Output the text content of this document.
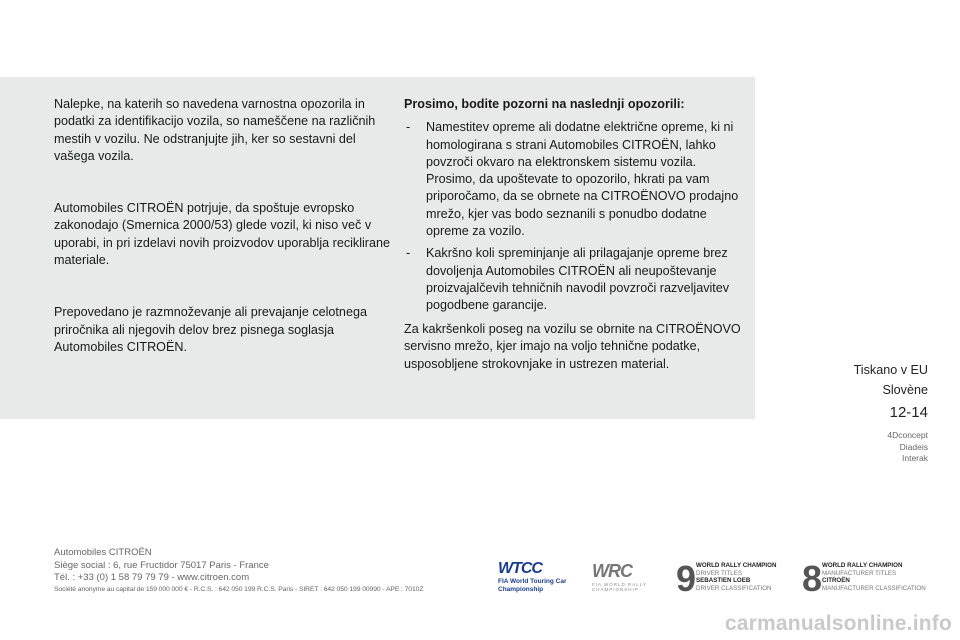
Nalepke, na katerih so navedena varnostna opozorila in podatki za identifikacijo vozila, so nameščene na različnih mestih v vozilu. Ne odstranjujte jih, ker so sestavni del vašega vozila.

Automobiles CITROËN potrjuje, da spoštuje evropsko zakonodajo (Smernica 2000/53) glede vozil, ki niso več v uporabi, in pri izdelavi novih proizvodov uporablja reciklirane materiale.

Prepovedano je razmnoževanje ali prevajanje celotnega priročnika ali njegovih delov brez pisnega soglasja Automobiles CITROËN.

Prosimo, bodite pozorni na naslednji opozorili:

- Namestitev opreme ali dodatne električne opreme, ki ni homologirana s strani Automobiles CITROËN, lahko povzroči okvaro na elektronskem sistemu vozila. Prosimo, da upoštevate to opozorilo, hkrati pa vam priporočamo, da se obrnete na CITROËNOVO prodajno mrežo, kjer vas bodo seznanili s ponudbo dodatne opreme za vozilo.
- Kakršno koli spreminjanje ali prilagajanje opreme brez dovoljenja Automobiles CITROËN ali neupoštevanje proizvajalčevih tehničnih navodil povzroči razveljavitev pogodbene garancije.

Za kakršenkoli poseg na vozilu se obrnite na CITROËNOVO servisno mrežo, kjer imajo na voljo tehnične podatke, usposobljene strokovnjake in ustrezen material.	Tiskano v EU
Slovène
12-14
4Dconcept
Diadeis
Interak
Automobiles CITROËN
Siège social : 6, rue Fructidor 75017 Paris - France
Tél. : +33 (0) 1 58 79 79 79 - www.citroen.com
Société anonyme au capital de 159 000 000 € - R.C.S. : 642 050 199 R.C.S. Paris - SIRET : 642 050 199 00990 - APE : 7010Z
WTCC
FIA World Touring Car
Championship
WRC
FIA WORLD RALLY CHAMPIONSHIP	9 WORLD RALLY CHAMPION
DRIVER TITLES
SEBASTIEN LOEB
DRIVER CLASSIFICATION 8 WORLD RALLY CHAMPION
MANUFACTURER TITLES
CITROËN
MANUFACTURER CLASSIFICATION
carmanualsonline.info
